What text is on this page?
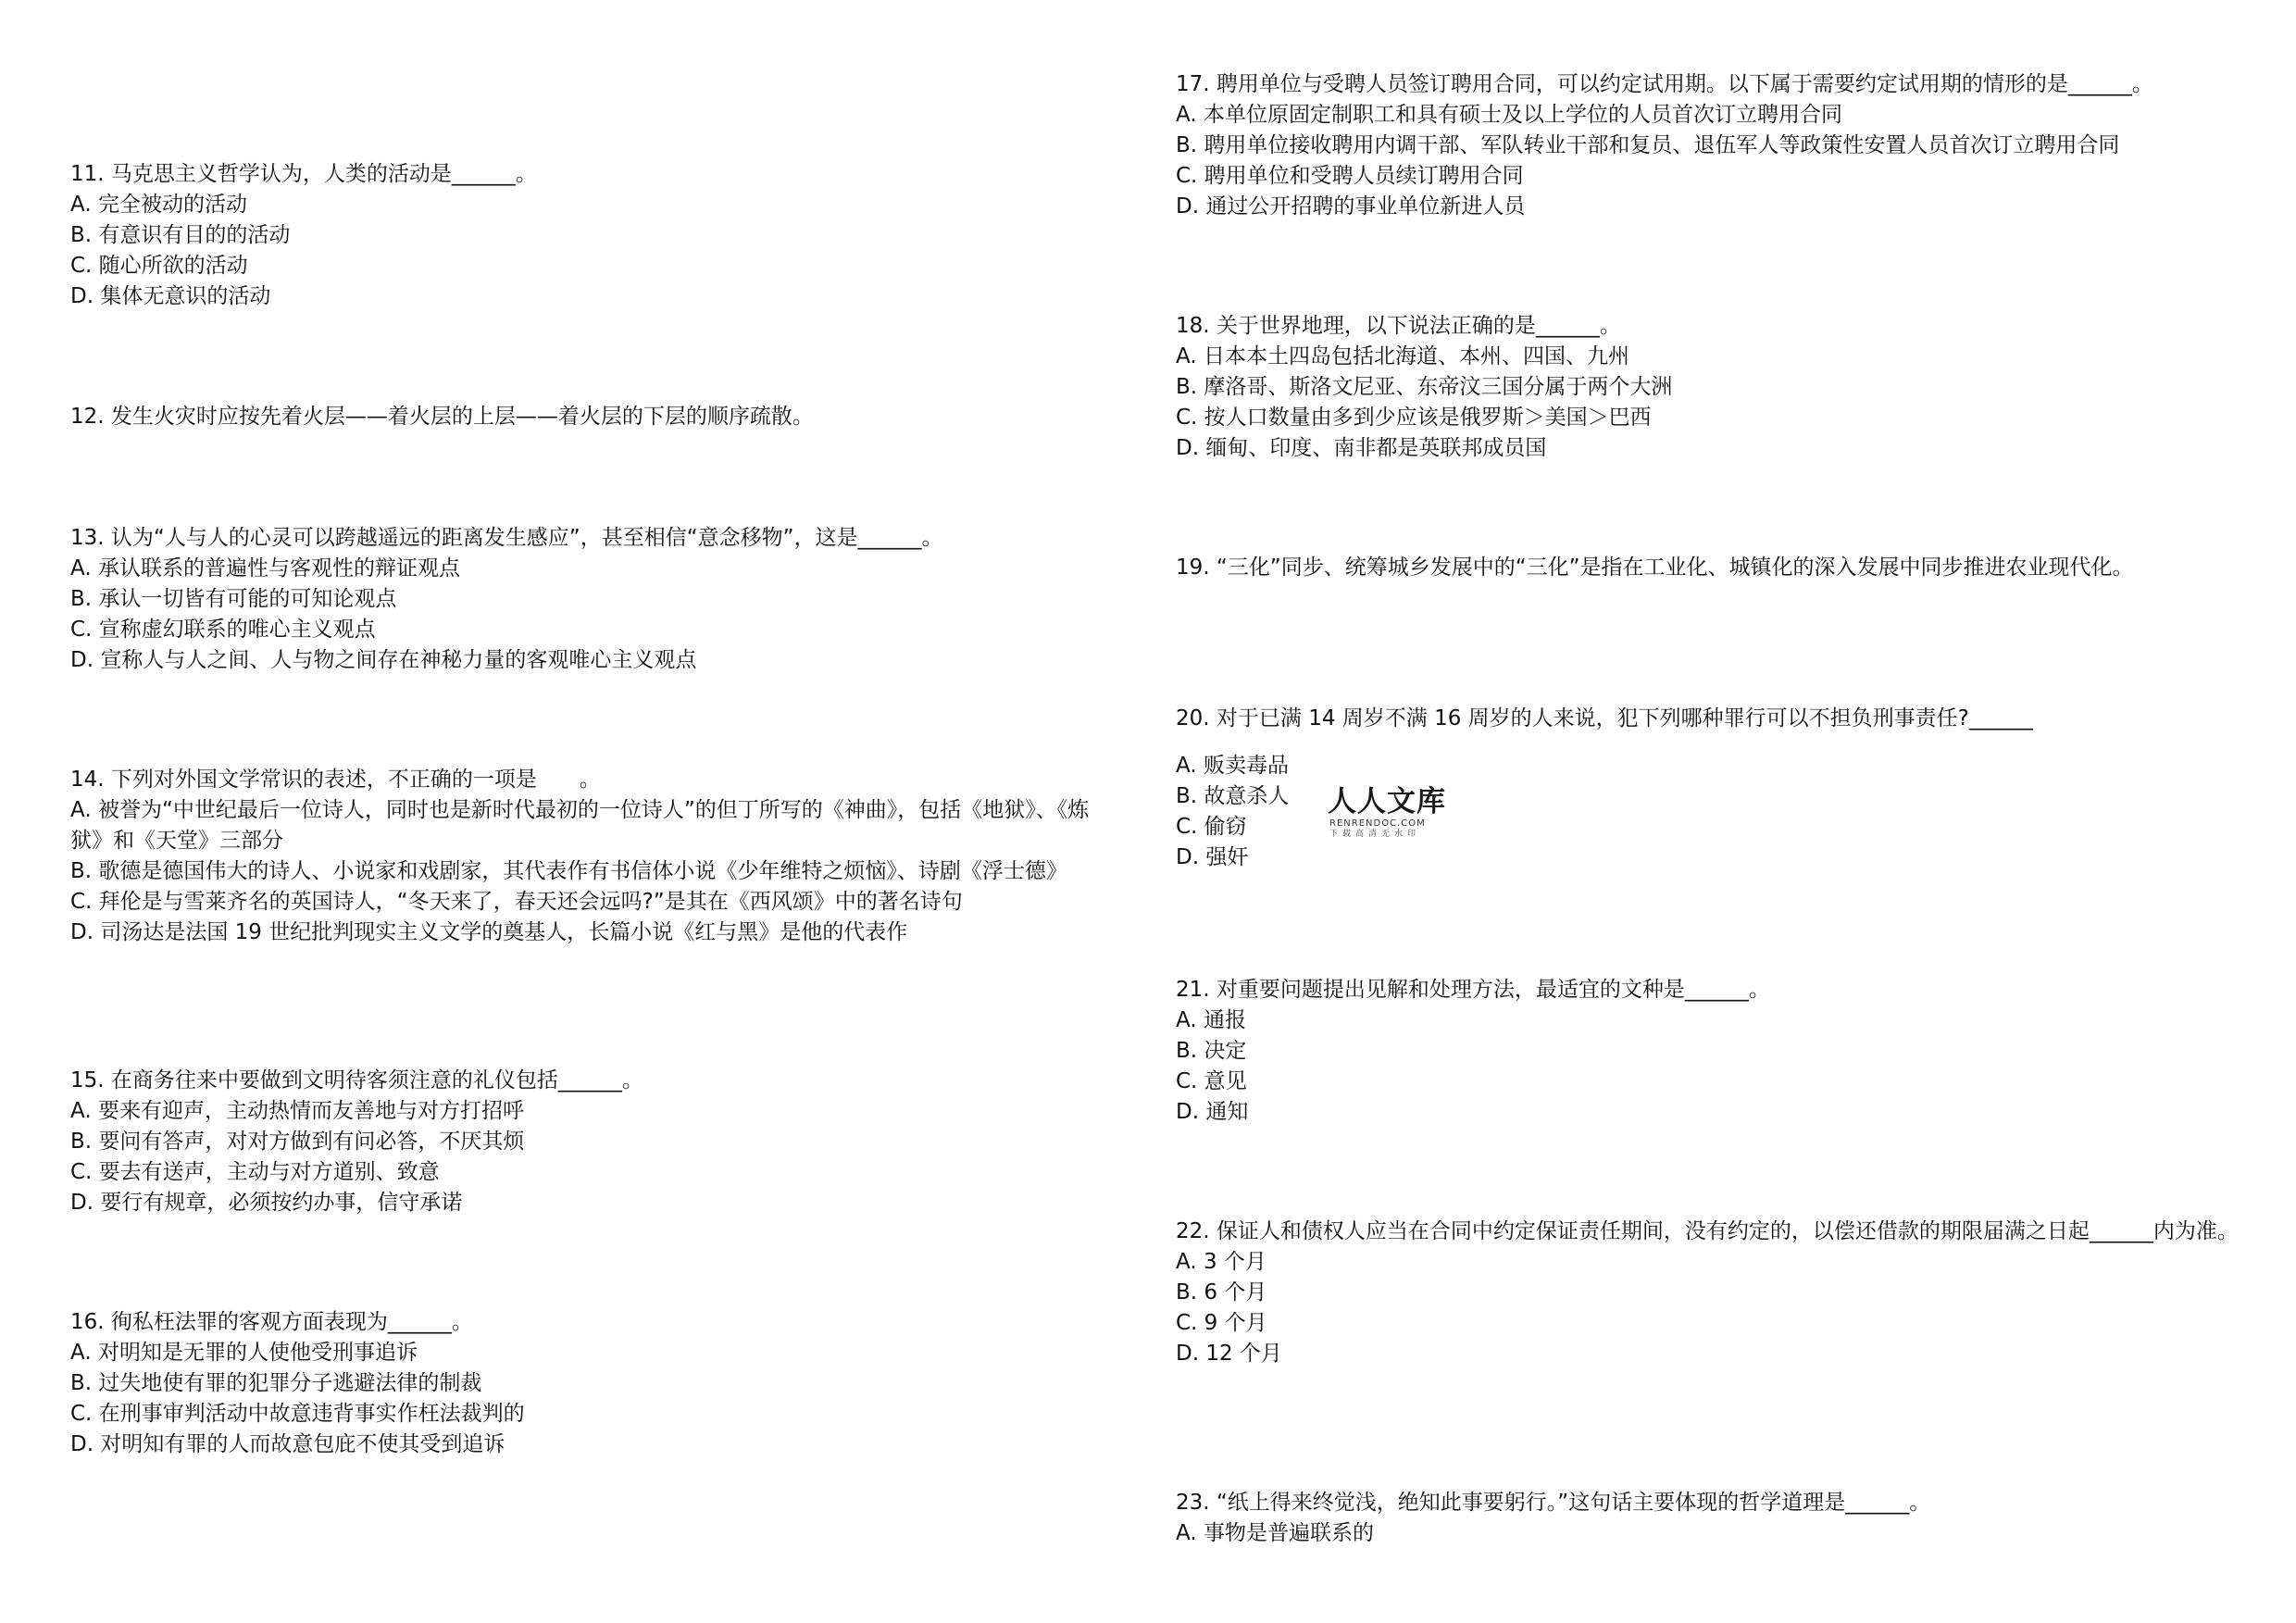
11. 马克思主义哲学认为，人类的活动是______。

A. 完全被动的活动

B. 有意识有目的的活动

C. 随心所欲的活动

D. 集体无意识的活动

12. 发生火灾时应按先着火层——着火层的上层——着火层的下层的顺序疏散。

13. 认为“人与人的心灵可以跨越遥远的距离发生感应”，甚至相信“意念移物”，这是______。

A. 承认联系的普遍性与客观性的辩证观点

B. 承认一切皆有可能的可知论观点

C. 宣称虚幻联系的唯心主义观点

D. 宣称人与人之间、人与物之间存在神秘力量的客观唯心主义观点

14. 下列对外国文学常识的表述，不正确的一项是　　。

A. 被誉为“中世纪最后一位诗人，同时也是新时代最初的一位诗人”的但丁所写的《神曲》，包括《地狱》、《炼狱》和《天堂》三部分

B. 歌德是德国伟大的诗人、小说家和戏剧家，其代表作有书信体小说《少年维特之烦恼》、诗剧《浮士德》

C. 拜伦是与雪莱齐名的英国诗人，“冬天来了，春天还会远吗?”是其在《西风颂》中的著名诗句

D. 司汤达是法国 19 世纪批判现实主义文学的奠基人，长篇小说《红与黑》是他的代表作

15. 在商务往来中要做到文明待客须注意的礼仪包括______。

A. 要来有迎声，主动热情而友善地与对方打招呼

B. 要问有答声，对对方做到有问必答，不厌其烦

C. 要去有送声，主动与对方道别、致意

D. 要行有规章，必须按约办事，信守承诺

16. 徇私枉法罪的客观方面表现为______。

A. 对明知是无罪的人使他受刑事追诉

B. 过失地使有罪的犯罪分子逃避法律的制裁

C. 在刑事审判活动中故意违背事实作枉法裁判的

D. 对明知有罪的人而故意包庇不使其受到追诉

17. 聘用单位与受聘人员签订聘用合同，可以约定试用期。以下属于需要约定试用期的情形的是______。

A. 本单位原固定制职工和具有硕士及以上学位的人员首次订立聘用合同

B. 聘用单位接收聘用内调干部、军队转业干部和复员、退伍军人等政策性安置人员首次订立聘用合同

C. 聘用单位和受聘人员续订聘用合同

D. 通过公开招聘的事业单位新进人员

18. 关于世界地理，以下说法正确的是______。

A. 日本本土四岛包括北海道、本州、四国、九州

B. 摩洛哥、斯洛文尼亚、东帝汶三国分属于两个大洲

C. 按人口数量由多到少应该是俄罗斯＞美国＞巴西

D. 缅甸、印度、南非都是英联邦成员国

19. “三化”同步、统筹城乡发展中的“三化”是指在工业化、城镇化的深入发展中同步推进农业现代化。

20. 对于已满 14 周岁不满 16 周岁的人来说，犯下列哪种罪行可以不担负刑事责任?______

A. 贩卖毒品

B. 故意杀人

C. 偷窃

D. 强奸

21. 对重要问题提出见解和处理方法，最适宜的文种是______。

A. 通报

B. 决定

C. 意见

D. 通知

22. 保证人和债权人应当在合同中约定保证责任期间，没有约定的，以偿还借款的期限届满之日起______内为准。

A. 3 个月

B. 6 个月

C. 9 个月

D. 12 个月

23. “纸上得来终觉浅，绝知此事要躬行。”这句话主要体现的哲学道理是______。

A. 事物是普遍联系的

人人文库
RENRENDOC.COM
下载高清无水印
